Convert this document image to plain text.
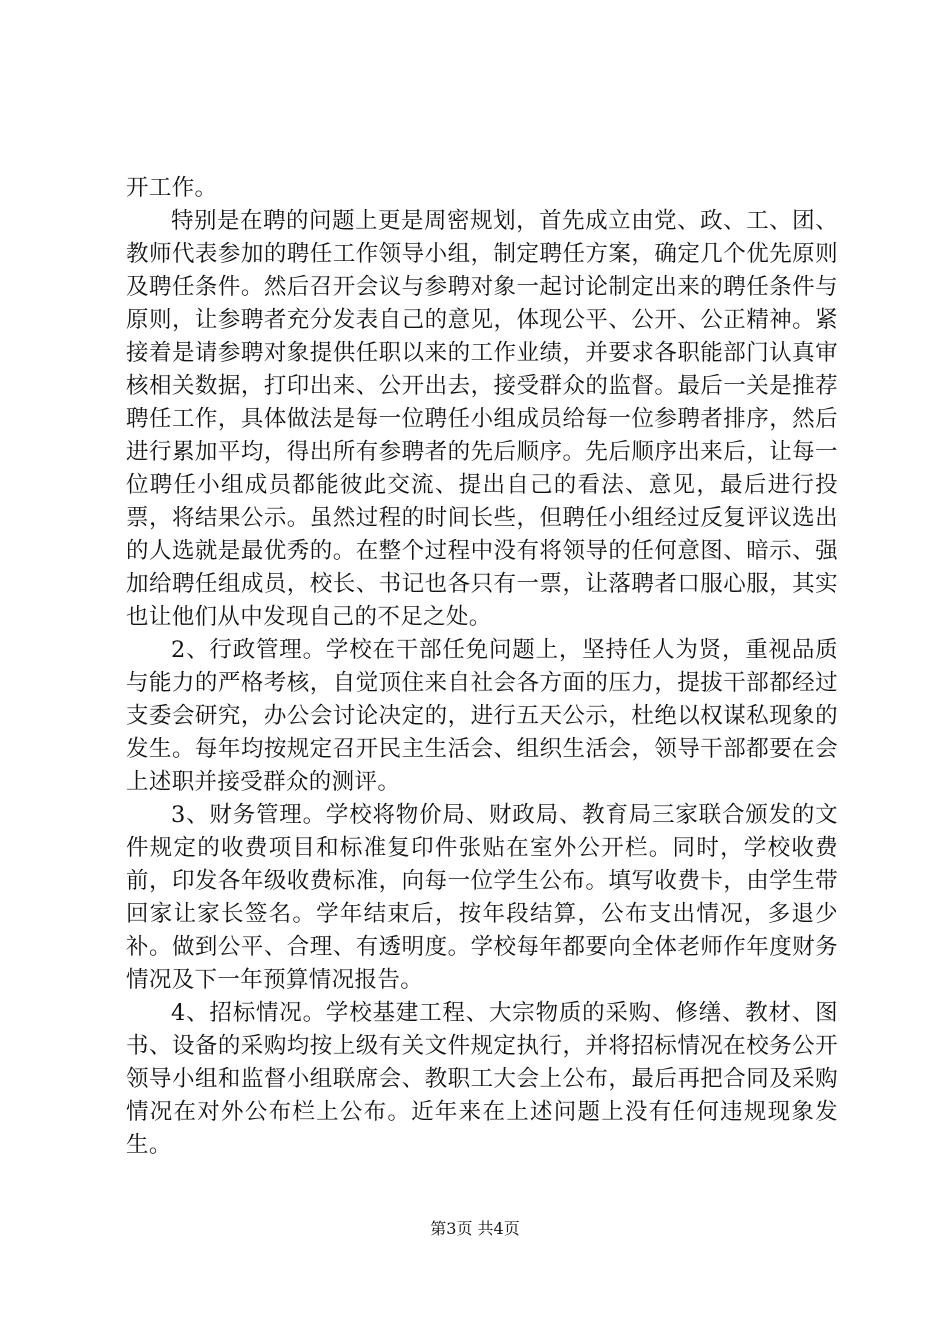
开工作。

特别是在聘的问题上更是周密规划，首先成立由党、政、工、团、教师代表参加的聘任工作领导小组，制定聘任方案，确定几个优先原则及聘任条件。然后召开会议与参聘对象一起讨论制定出来的聘任条件与原则，让参聘者充分发表自己的意见，体现公平、公开、公正精神。紧接着是请参聘对象提供任职以来的工作业绩，并要求各职能部门认真审核相关数据，打印出来、公开出去，接受群众的监督。最后一关是推荐聘任工作，具体做法是每一位聘任小组成员给每一位参聘者排序，然后进行累加平均，得出所有参聘者的先后顺序。先后顺序出来后，让每一位聘任小组成员都能彼此交流、提出自己的看法、意见，最后进行投票，将结果公示。虽然过程的时间长些，但聘任小组经过反复评议选出的人选就是最优秀的。在整个过程中没有将领导的任何意图、暗示、强加给聘任组成员，校长、书记也各只有一票，让落聘者口服心服，其实也让他们从中发现自己的不足之处。

2、行政管理。学校在干部任免问题上，坚持任人为贤，重视品质与能力的严格考核，自觉顶住来自社会各方面的压力，提拔干部都经过支委会研究，办公会讨论决定的，进行五天公示，杜绝以权谋私现象的发生。每年均按规定召开民主生活会、组织生活会，领导干部都要在会上述职并接受群众的测评。

3、财务管理。学校将物价局、财政局、教育局三家联合颁发的文件规定的收费项目和标准复印件张贴在室外公开栏。同时，学校收费前，印发各年级收费标准，向每一位学生公布。填写收费卡，由学生带回家让家长签名。学年结束后，按年段结算，公布支出情况，多退少补。做到公平、合理、有透明度。学校每年都要向全体老师作年度财务情况及下一年预算情况报告。

4、招标情况。学校基建工程、大宗物质的采购、修缮、教材、图书、设备的采购均按上级有关文件规定执行，并将招标情况在校务公开领导小组和监督小组联席会、教职工大会上公布，最后再把合同及采购情况在对外公布栏上公布。近年来在上述问题上没有任何违规现象发生。

第3页 共4页
